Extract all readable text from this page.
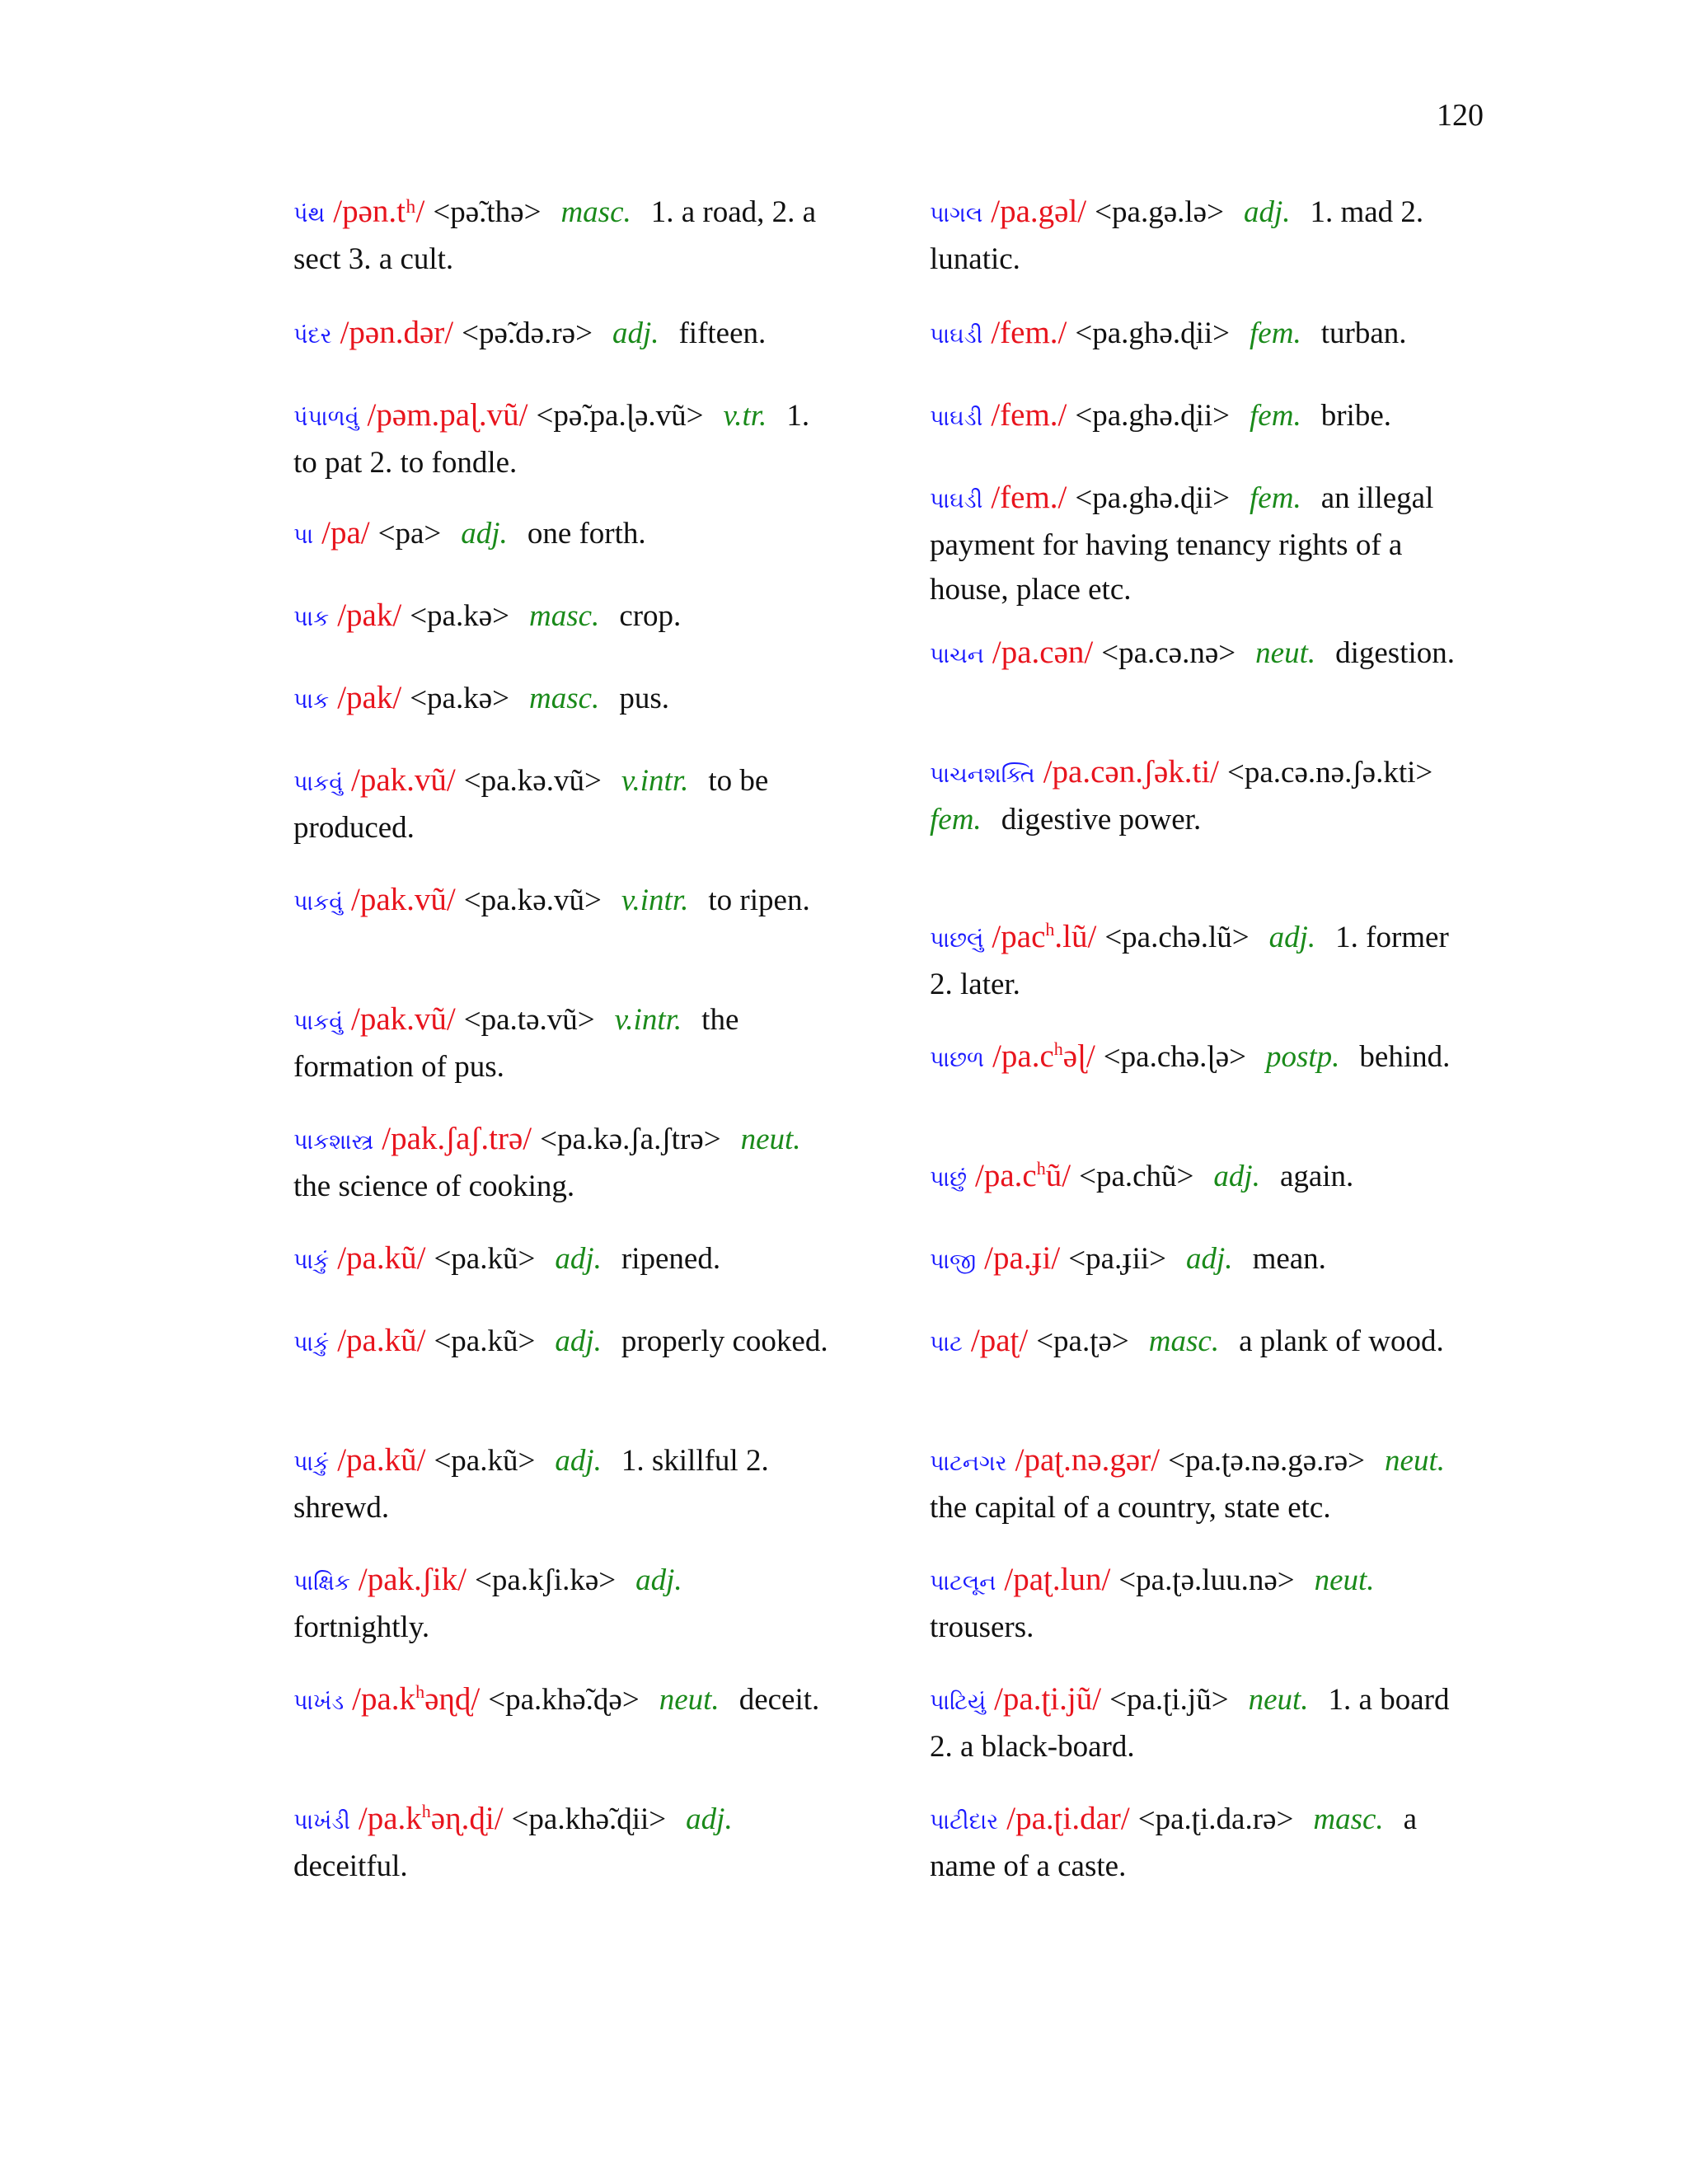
120
પંથ /pən.tʰ/ <pə̃.thə> masc. 1. a road, 2. a sect 3. a cult.
પંદર /pən.dər/ <pə̃.də.rə> adj. fifteen.
પંપાળવું /pəm.paɭ.vũ/ <pə̃.pa.ɭə.vũ> v.tr. 1. to pat 2. to fondle.
પા /pa/ <pa> adj. one forth.
પાક /pak/ <pa.kə> masc. crop.
પાક /pak/ <pa.kə> masc. pus.
પાકવું /pak.vũ/ <pa.kə.vũ> v.intr. to be produced.
પાકવું /pak.vũ/ <pa.kə.vũ> v.intr. to ripen.
પાકવું /pak.vũ/ <pa.tə.vũ> v.intr. the formation of pus.
પાકશાસ્ત્ર /pak.ʃaʃ.trə/ <pa.kə.ʃa.ʃtrə> neut.the science of cooking.
પાકું /pa.kũ/ <pa.kũ> adj. ripened.
પાકું /pa.kũ/ <pa.kũ> adj. properly cooked.
પાકું /pa.kũ/ <pa.kũ> adj. 1. skillful 2. shrewd.
પાક્ષિક /pak.ʃik/ <pa.kʃi.kə> adj.fortnightly.
પાખંડ $/pa.k^həɳɖ/$ <pa.khə̃.ɖə> neut. deceit.
પાખંડી $/pa.k^həɳ.ɖi/$ <pa.khə̃.ɖii> adj.deceitful.
પાગલ /pa.gəl/ <pa.gə.lə> adj. 1. mad 2. lunatic.
પાઘડી /fem./ <pa.ghə.ɖii> fem. turban.
પાઘડી /fem./ <pa.ghə.ɖii> fem. bribe.
પાઘડી /fem./ <pa.ghə.ɖii> fem. an illegal payment for having tenancy rights of a house, place etc.
પાચન /pa.cən/ <pa.cə.nə> neut. digestion.
પાચનશક્તિ /pa.cən.ʃək.ti/ <pa.cə.nə.ʃə.kti>fem. digestive power.
પાછલું /pac$^h$.lũ/ <pa.chə.lũ> adj. 1. former 2. later.
પાછળ $/pa.c^həɭ/$ <pa.chə.ɭə> postp. behind.
પાછું $/pa.c^hũ/$ <pa.chũ> adj. again.
પાજી /pa.ɟi/ <pa.ɟii> adj. mean.
પાટ /paʈ/ <pa.ʈə> masc. a plank of wood.
પાટનગર /paʈ.nə.gər/ <pa.ʈə.nə.gə.rə> neut.the capital of a country, state etc.
પાટલૂન /paʈ.lun/ <pa.ʈə.luu.nə> neut.trousers.
પાટિયું /pa.ʈi.jũ/ <pa.ʈi.jũ> neut. 1. a board 2. a black-board.
પાટીદાર /pa.ʈi.dar/ <pa.ʈi.da.rə> masc. a name of a caste.
